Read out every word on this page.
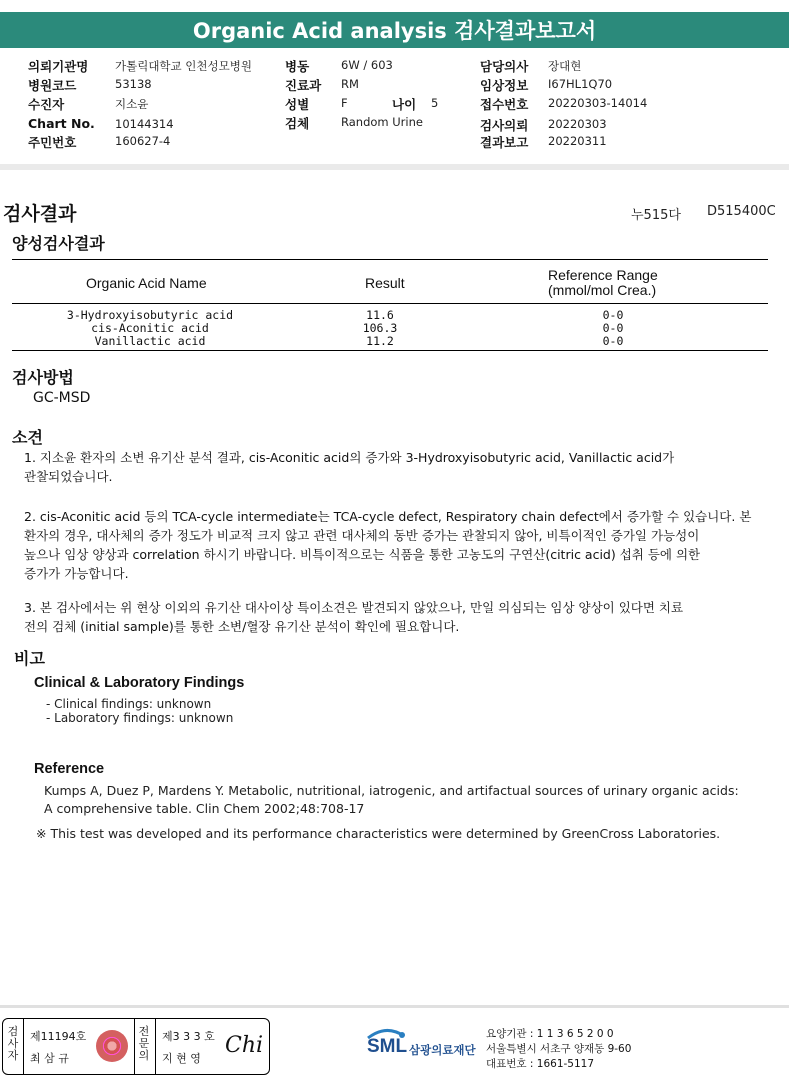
Organic Acid analysis 검사결과보고서
의뢰기관명 가톨릭대학교 인천성모병원
병원코드	53138
수진자	지소윤
Chart No. 10144314
주민번호	160627-4
병동	6W / 603
진료과 RM
성별	F	나이 5
검체	Random Urine
담당의사 장대현
임상정보 I67HL1Q70
접수번호 20220303-14014
검사의뢰 20220303
결과보고 20220311
검사결과	누515다 D515400C
양성검사결과
Organic Acid Name	Result	Reference Range
(mmol/mol Crea.)
3-Hydroxyisobutyric acid	11.6	0-0
cis-Aconitic acid	106.3	0-0
Vanillactic acid	11.2	0-0
검사방법
GC-MSD
소견
1. 지소윤 환자의 소변 유기산 분석 결과, cis-Aconitic acid의 증가와 3-Hydroxyisobutyric acid, Vanillactic acid가
관찰되었습니다.
2. cis-Aconitic acid 등의 TCA-cycle intermediate는 TCA-cycle defect, Respiratory chain defect에서 증가할 수 있습니다. 본
환자의 경우, 대사체의 증가 정도가 비교적 크지 않고 관련 대사체의 동반 증가는 관찰되지 않아, 비특이적인 증가일 가능성이
높으나 임상 양상과 correlation 하시기 바랍니다. 비특이적으로는 식품을 통한 고농도의 구연산(citric acid) 섭취 등에 의한
증가가 가능합니다.
3. 본 검사에서는 위 현상 이외의 유기산 대사이상 특이소견은 발견되지 않았으나, 만일 의심되는 임상 양상이 있다면 치료
전의 검체 (initial sample)를 통한 소변/혈장 유기산 분석이 확인에 필요합니다.
비고
Clinical & Laboratory Findings
- Clinical findings: unknown
- Laboratory findings: unknown
Reference
Kumps A, Duez P, Mardens Y. Metabolic, nutritional, iatrogenic, and artifactual sources of urinary organic acids:
A comprehensive table. Clin Chem 2002;48:708-17
※ This test was developed and its performance characteristics were determined by GreenCross Laboratories.
검
사
자
제11194호
최 삼 규
전
문
의
제3 3 3 호
지 현 영
Chi	SML 삼광의료재단
요양기관 : 1 1 3 6 5 2 0 0
서울특별시 서초구 양재동 9-60
대표번호 : 1661-5117
